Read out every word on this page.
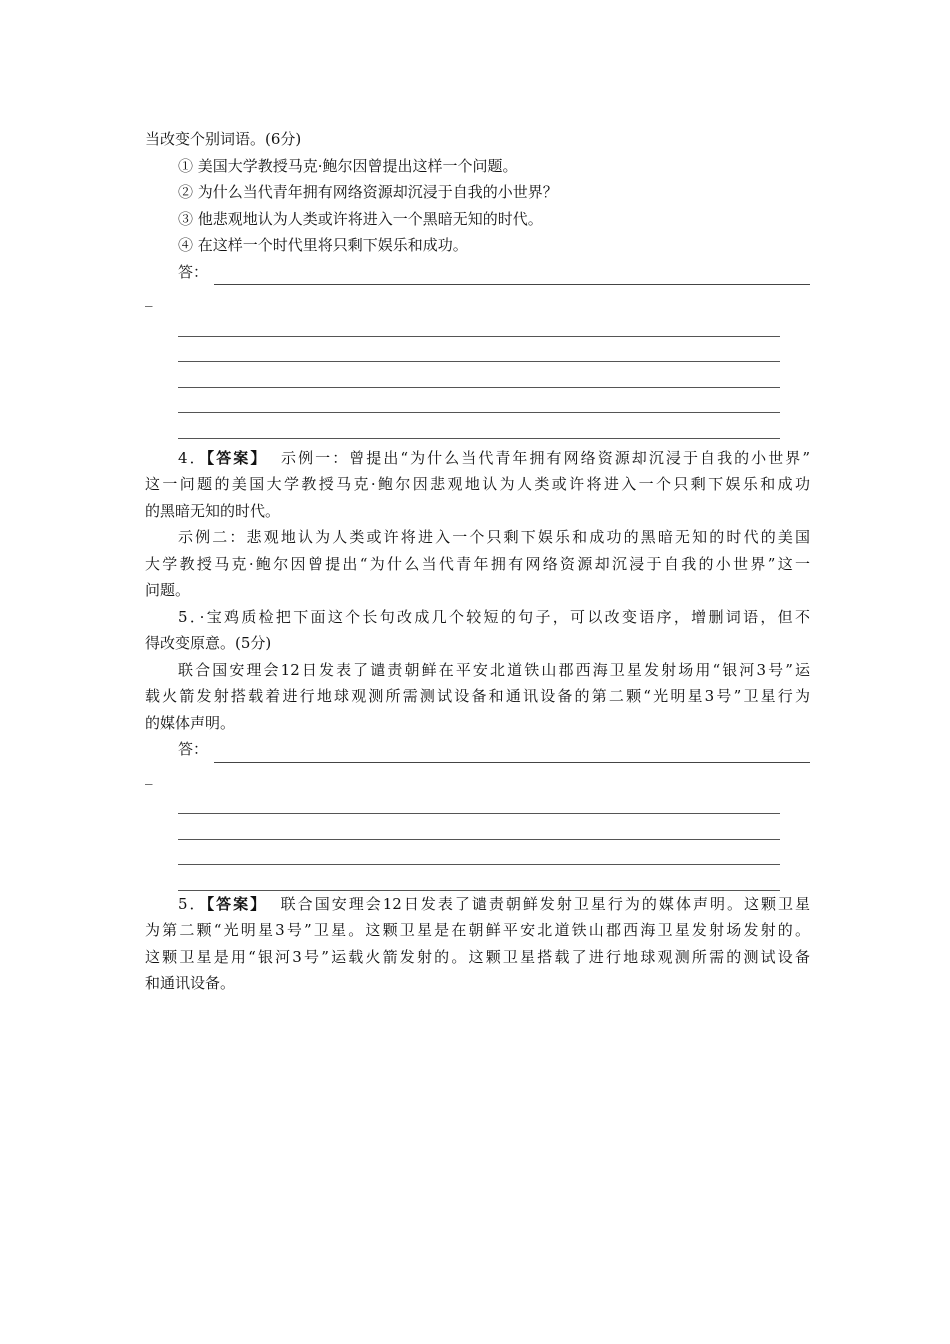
当改变个别词语。(6分)
① 美国大学教授马克·鲍尔因曾提出这样一个问题。
② 为什么当代青年拥有网络资源却沉浸于自我的小世界？
③ 他悲观地认为人类或许将进入一个黑暗无知的时代。
④ 在这样一个时代里将只剩下娱乐和成功。
答：
_
4．【答案】 示例一：曾提出“为什么当代青年拥有网络资源却沉浸于自我的小世界”
这一问题的美国大学教授马克·鲍尔因悲观地认为人类或许将进入一个只剩下娱乐和成功
的黑暗无知的时代。
示例二：悲观地认为人类或许将进入一个只剩下娱乐和成功的黑暗无知的时代的美国
大学教授马克·鲍尔因曾提出“为什么当代青年拥有网络资源却沉浸于自我的小世界”这一
问题。
5．·宝鸡质检把下面这个长句改成几个较短的句子，可以改变语序，增删词语，但不
得改变原意。(5分)
联合国安理会12日发表了谴责朝鲜在平安北道铁山郡西海卫星发射场用“银河3号”运
载火箭发射搭载着进行地球观测所需测试设备和通讯设备的第二颗“光明星3号”卫星行为
的媒体声明。
答：
_
5．【答案】 联合国安理会12日发表了谴责朝鲜发射卫星行为的媒体声明。这颗卫星
为第二颗“光明星3号”卫星。这颗卫星是在朝鲜平安北道铁山郡西海卫星发射场发射的。
这颗卫星是用“银河3号”运载火箭发射的。这颗卫星搭载了进行地球观测所需的测试设备
和通讯设备。
